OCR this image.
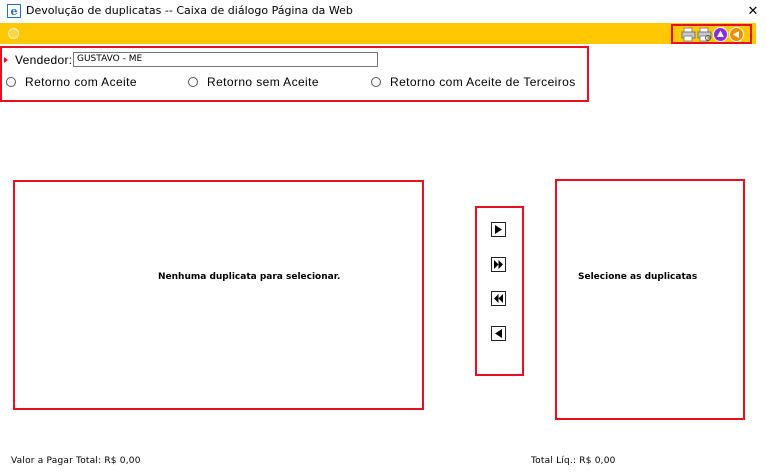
e Devolução de duplicatas -- Caixa de diálogo Página da Web	✕
Vendedor: GUSTAVO - ME
Retorno com Aceite	Retorno sem Aceite	Retorno com Aceite de Terceiros
Nenhuma duplicata para selecionar.	Selecione as duplicatas
Valor a Pagar Total: R$ 0,00	Total Líq.: R$ 0,00
